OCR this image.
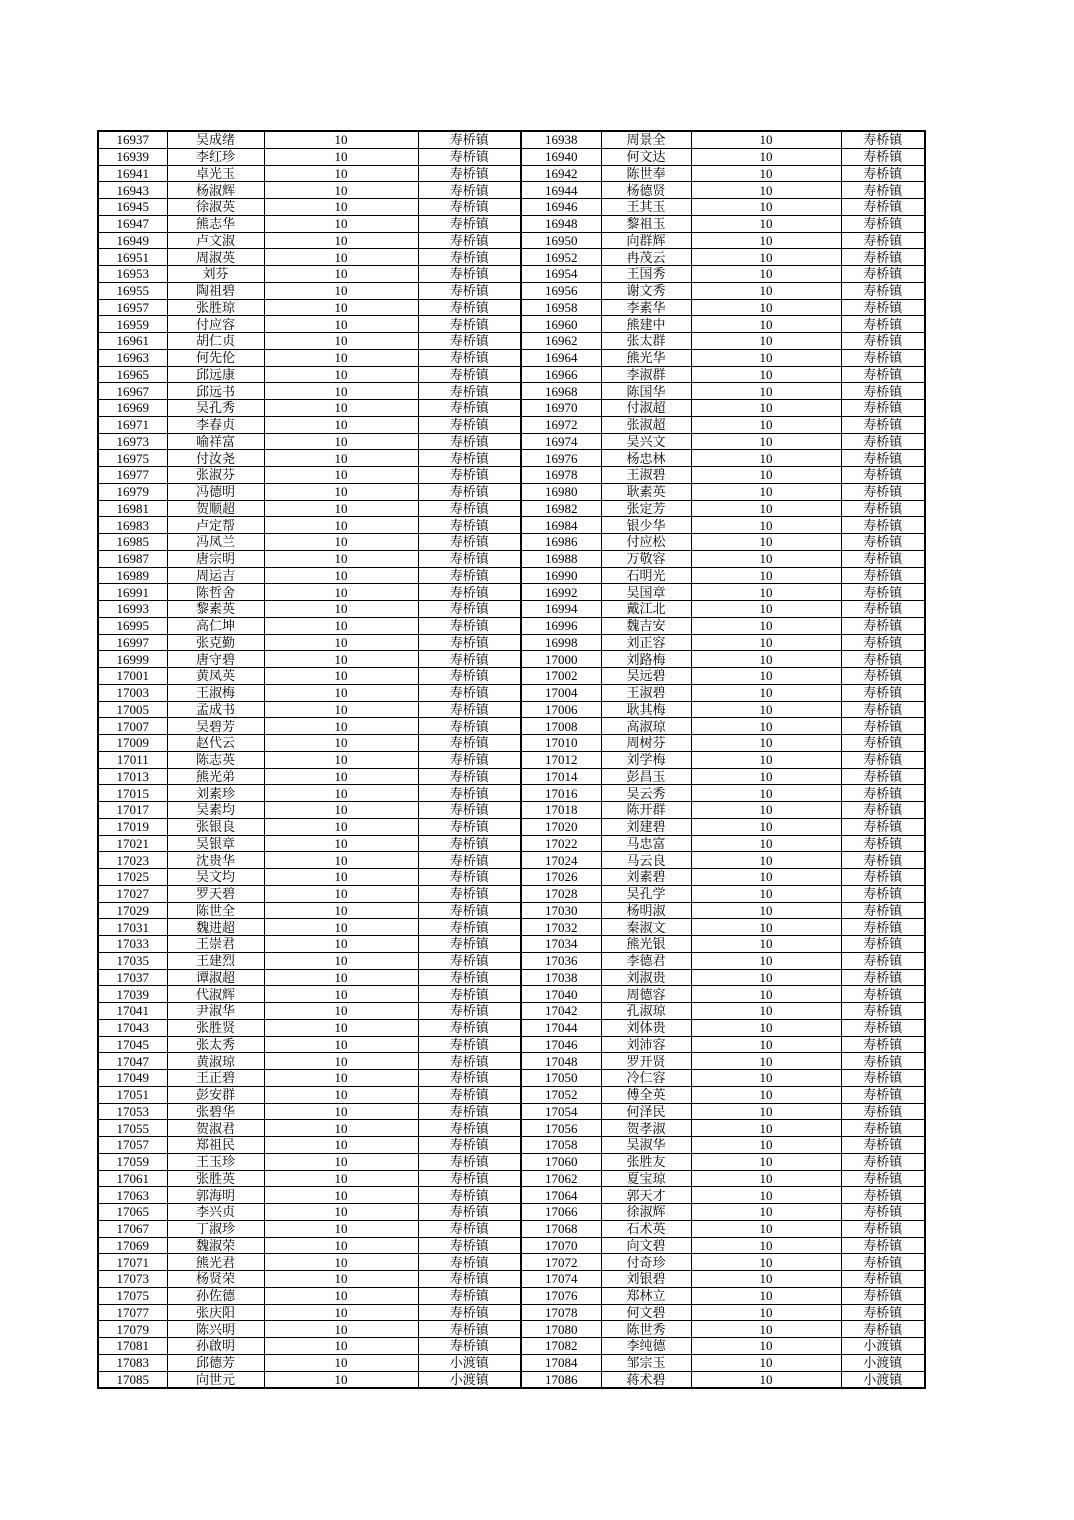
16937	吴成绪	10	寿桥镇	16938	周景全	10	寿桥镇
16939	李红珍	10	寿桥镇	16940	何文达	10	寿桥镇
16941	卓光玉	10	寿桥镇	16942	陈世奉	10	寿桥镇
16943	杨淑辉	10	寿桥镇	16944	杨德贤	10	寿桥镇
16945	徐淑英	10	寿桥镇	16946	王其玉	10	寿桥镇
16947	熊志华	10	寿桥镇	16948	黎祖玉	10	寿桥镇
16949	卢文淑	10	寿桥镇	16950	向群辉	10	寿桥镇
16951	周淑英	10	寿桥镇	16952	冉茂云	10	寿桥镇
16953	刘芬	10	寿桥镇	16954	王国秀	10	寿桥镇
16955	陶祖碧	10	寿桥镇	16956	谢文秀	10	寿桥镇
16957	张胜琼	10	寿桥镇	16958	李素华	10	寿桥镇
16959	付应容	10	寿桥镇	16960	熊建中	10	寿桥镇
16961	胡仁贞	10	寿桥镇	16962	张太群	10	寿桥镇
16963	何先伦	10	寿桥镇	16964	熊光华	10	寿桥镇
16965	邱远康	10	寿桥镇	16966	李淑群	10	寿桥镇
16967	邱远书	10	寿桥镇	16968	陈国华	10	寿桥镇
16969	吴孔秀	10	寿桥镇	16970	付淑超	10	寿桥镇
16971	李春贞	10	寿桥镇	16972	张淑超	10	寿桥镇
16973	喻祥富	10	寿桥镇	16974	吴兴文	10	寿桥镇
16975	付汝尧	10	寿桥镇	16976	杨忠林	10	寿桥镇
16977	张淑芬	10	寿桥镇	16978	王淑碧	10	寿桥镇
16979	冯德明	10	寿桥镇	16980	耿素英	10	寿桥镇
16981	贺顺超	10	寿桥镇	16982	张定芳	10	寿桥镇
16983	卢定帮	10	寿桥镇	16984	银少华	10	寿桥镇
16985	冯凤兰	10	寿桥镇	16986	付应松	10	寿桥镇
16987	唐宗明	10	寿桥镇	16988	万敬容	10	寿桥镇
16989	周运吉	10	寿桥镇	16990	石明光	10	寿桥镇
16991	陈哲舍	10	寿桥镇	16992	吴国章	10	寿桥镇
16993	黎素英	10	寿桥镇	16994	戴江北	10	寿桥镇
16995	高仁坤	10	寿桥镇	16996	魏吉安	10	寿桥镇
16997	张克勤	10	寿桥镇	16998	刘正容	10	寿桥镇
16999	唐守碧	10	寿桥镇	17000	刘路梅	10	寿桥镇
17001	黄凤英	10	寿桥镇	17002	吴远碧	10	寿桥镇
17003	王淑梅	10	寿桥镇	17004	王淑碧	10	寿桥镇
17005	孟成书	10	寿桥镇	17006	耿其梅	10	寿桥镇
17007	吴碧芳	10	寿桥镇	17008	高淑琼	10	寿桥镇
17009	赵代云	10	寿桥镇	17010	周树芬	10	寿桥镇
17011	陈志英	10	寿桥镇	17012	刘学梅	10	寿桥镇
17013	熊光弟	10	寿桥镇	17014	彭昌玉	10	寿桥镇
17015	刘素珍	10	寿桥镇	17016	吴云秀	10	寿桥镇
17017	吴素均	10	寿桥镇	17018	陈开群	10	寿桥镇
17019	张银良	10	寿桥镇	17020	刘建碧	10	寿桥镇
17021	吴银章	10	寿桥镇	17022	马忠富	10	寿桥镇
17023	沈贵华	10	寿桥镇	17024	马云良	10	寿桥镇
17025	吴文均	10	寿桥镇	17026	刘素碧	10	寿桥镇
17027	罗天碧	10	寿桥镇	17028	吴孔学	10	寿桥镇
17029	陈世全	10	寿桥镇	17030	杨明淑	10	寿桥镇
17031	魏进超	10	寿桥镇	17032	秦淑文	10	寿桥镇
17033	王崇君	10	寿桥镇	17034	熊光银	10	寿桥镇
17035	王建烈	10	寿桥镇	17036	李德君	10	寿桥镇
17037	谭淑超	10	寿桥镇	17038	刘淑贵	10	寿桥镇
17039	代淑辉	10	寿桥镇	17040	周德容	10	寿桥镇
17041	尹淑华	10	寿桥镇	17042	孔淑琼	10	寿桥镇
17043	张胜贤	10	寿桥镇	17044	刘体贵	10	寿桥镇
17045	张太秀	10	寿桥镇	17046	刘沛容	10	寿桥镇
17047	黄淑琼	10	寿桥镇	17048	罗开贤	10	寿桥镇
17049	王正碧	10	寿桥镇	17050	冷仁容	10	寿桥镇
17051	彭安群	10	寿桥镇	17052	傅全英	10	寿桥镇
17053	张碧华	10	寿桥镇	17054	何泽民	10	寿桥镇
17055	贺淑君	10	寿桥镇	17056	贺孝淑	10	寿桥镇
17057	郑祖民	10	寿桥镇	17058	吴淑华	10	寿桥镇
17059	王玉珍	10	寿桥镇	17060	张胜友	10	寿桥镇
17061	张胜英	10	寿桥镇	17062	夏宝琼	10	寿桥镇
17063	郭海明	10	寿桥镇	17064	郭天才	10	寿桥镇
17065	李兴贞	10	寿桥镇	17066	徐淑辉	10	寿桥镇
17067	丁淑珍	10	寿桥镇	17068	石术英	10	寿桥镇
17069	魏淑荣	10	寿桥镇	17070	向文碧	10	寿桥镇
17071	熊光君	10	寿桥镇	17072	付奇珍	10	寿桥镇
17073	杨贤荣	10	寿桥镇	17074	刘银碧	10	寿桥镇
17075	孙佐德	10	寿桥镇	17076	郑林立	10	寿桥镇
17077	张庆阳	10	寿桥镇	17078	何文碧	10	寿桥镇
17079	陈兴明	10	寿桥镇	17080	陈世秀	10	寿桥镇
17081	孙啟明	10	寿桥镇	17082	李纯德	10	小渡镇
17083	邱德芳	10	小渡镇	17084	邹宗玉	10	小渡镇
17085	向世元	10	小渡镇	17086	蒋术碧	10	小渡镇
